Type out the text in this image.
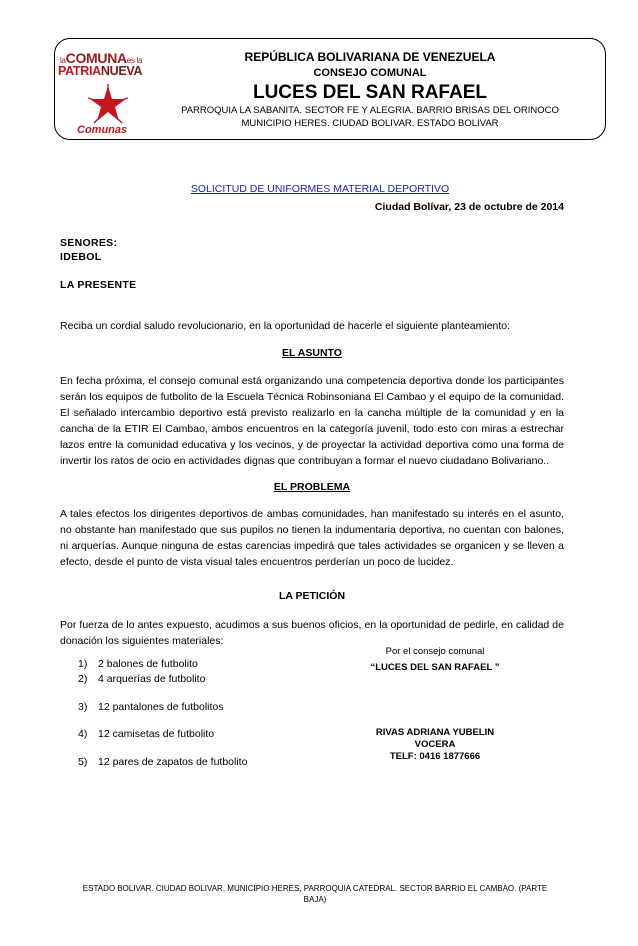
laCOMUNAes la
PATRIANUEVA
Comunas
REPÚBLICA BOLIVARIANA DE VENEZUELA
CONSEJO COMUNAL
LUCES DEL SAN RAFAEL
PARROQUIA LA SABANITA. SECTOR FE Y ALEGRIA. BARRIO BRISAS DEL ORINOCO
MUNICIPIO HERES. CIUDAD BOLIVAR. ESTADO BOLIVAR
SOLICITUD DE UNIFORMES MATERIAL DEPORTIVO
Ciudad Bolívar, 23 de octubre de 2014
SENORES:
IDEBOL
LA PRESENTE
Reciba un cordial saludo revolucionario, en la oportunidad de hacerle el siguiente planteamiento:
EL ASUNTO
En fecha próxima, el consejo comunal está organizando una competencia deportiva donde los participantes serán los equipos de futbolito de la Escuela Técnica Robinsoniana El Cambao y el equipo de la comunidad. El señalado intercambio deportivo está previsto realizarlo en la cancha múltiple de la comunidad y en la cancha de la ETIR El Cambao, ambos encuentros en la categoría juvenil, todo esto con miras a estrechar lazos entre la comunidad educativa y los vecinos, y de proyectar la actividad deportiva como una forma de invertir los ratos de ocio en actividades dignas que contribuyan a formar el nuevo ciudadano Bolivariano..
EL PROBLEMA
A tales efectos los dirigentes deportivos de ambas comunidades, han manifestado su interés en el asunto, no obstante han manifestado que sus pupilos no tienen la indumentaria deportiva, no cuentan con balones, ni arquerías. Aunque ninguna de estas carencias impedirá que tales actividades se organicen y se lleven a efecto, desde el punto de vista visual tales encuentros perderían un poco de lucidez.
LA PETICIÓN
Por fuerza de lo antes expuesto, acudimos a sus buenos oficios, en la oportunidad de pedirle, en calidad de donación los siguientes materiales:
1) 2 balones de futbolito
2) 4 arquerías de futbolito
3) 12 pantalones de futbolitos
4) 12 camisetas de futbolito
5) 12 pares de zapatos de futbolito
Por el consejo comunal
“LUCES DEL SAN RAFAEL ”
RIVAS ADRIANA YUBELIN
VOCERA
TELF: 0416 1877666
ESTADO BOLIVAR. CIUDAD BOLIVAR. MUNICIPIO HERES, PARROQUIA CATEDRAL. SECTOR BARRIO EL CAMBAO. (PARTE
BAJA)
